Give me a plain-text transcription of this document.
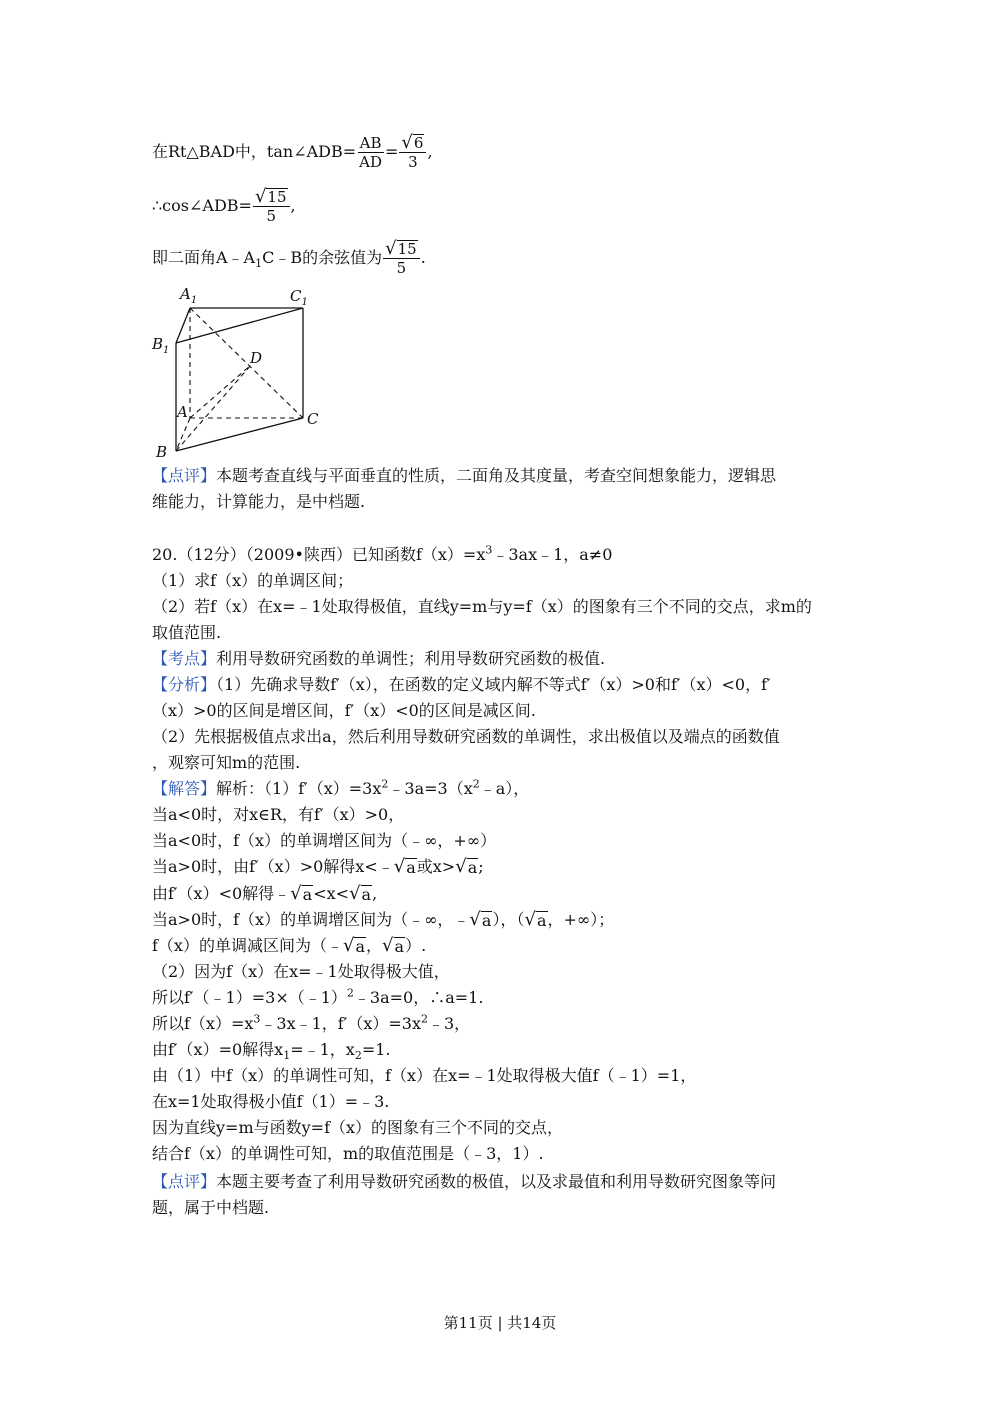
在Rt△BAD中，tan∠ADB= $\frac{AB}{AD} = \frac{√ 6}{3}$ ,
∴cos∠ADB= $\frac{√ 15}{5}$ ,
即二面角$A﹣A_1C﹣B$的余弦值为 $\frac{√ 15}{5}$ .
$A_1$	$C_1$
$B_1$	D
A	C
B
【点评】本题考查直线与平面垂直的性质，二面角及其度量，考查空间想象能力，逻辑思
维能力，计算能力，是中档题.
20.（12分）（2009•陕西）已知函数$f(x)=x^3﹣3ax﹣1$，a≠0
（1）求f（x）的单调区间；
（2）若f（x）在x=﹣1处取得极值，直线y=m与y=f（x）的图象有三个不同的交点，求m的
取值范围.
【考点】利用导数研究函数的单调性；利用导数研究函数的极值.
【分析】（1）先确求导数f′（x），在函数的定义域内解不等式f′（x）>0和f′（x）<0，f′
（x）>0的区间是增区间，f′（x）<0的区间是减区间.
（2）先根据极值点求出a，然后利用导数研究函数的单调性，求出极值以及端点的函数值
，观察可知m的范围.
【解答】解析：$(1)f'(x)=3x^2﹣3a=3(x^2﹣a)$，
当a<0时，对x∈R，有f′（x）>0，
当a<0时，f（x）的单调增区间为（﹣∞，+∞）
当a>0时，由f′（x）>0解得x<﹣ √ a 或x> √ a ;
由f′（x）<0解得﹣ √ a <x< √ a ,
当a>0时，f（x）的单调增区间为（﹣∞，﹣ √ a ），（ √ a ，+∞）；
f（x）的单调减区间为（﹣ √ a ， √ a ）.
（2）因为f（x）在x=﹣1处取得极大值，
所以f′（﹣1）=3×（﹣1）$^2$﹣3a=0，∴a=1.
所以$f(x)=x^3﹣3x﹣1$，$f'(x)=3x^2﹣3$，
由f′（x）=0解得$x_1=﹣1$，$x_2=1$.
由（1）中f（x）的单调性可知，f（x）在x=﹣1处取得极大值f（﹣1）=1，
在x=1处取得极小值f（1）=﹣3.
因为直线y=m与函数y=f（x）的图象有三个不同的交点，
结合f（x）的单调性可知，m的取值范围是（﹣3，1）.
【点评】本题主要考查了利用导数研究函数的极值，以及求最值和利用导数研究图象等问
题，属于中档题.
第11页 | 共14页
